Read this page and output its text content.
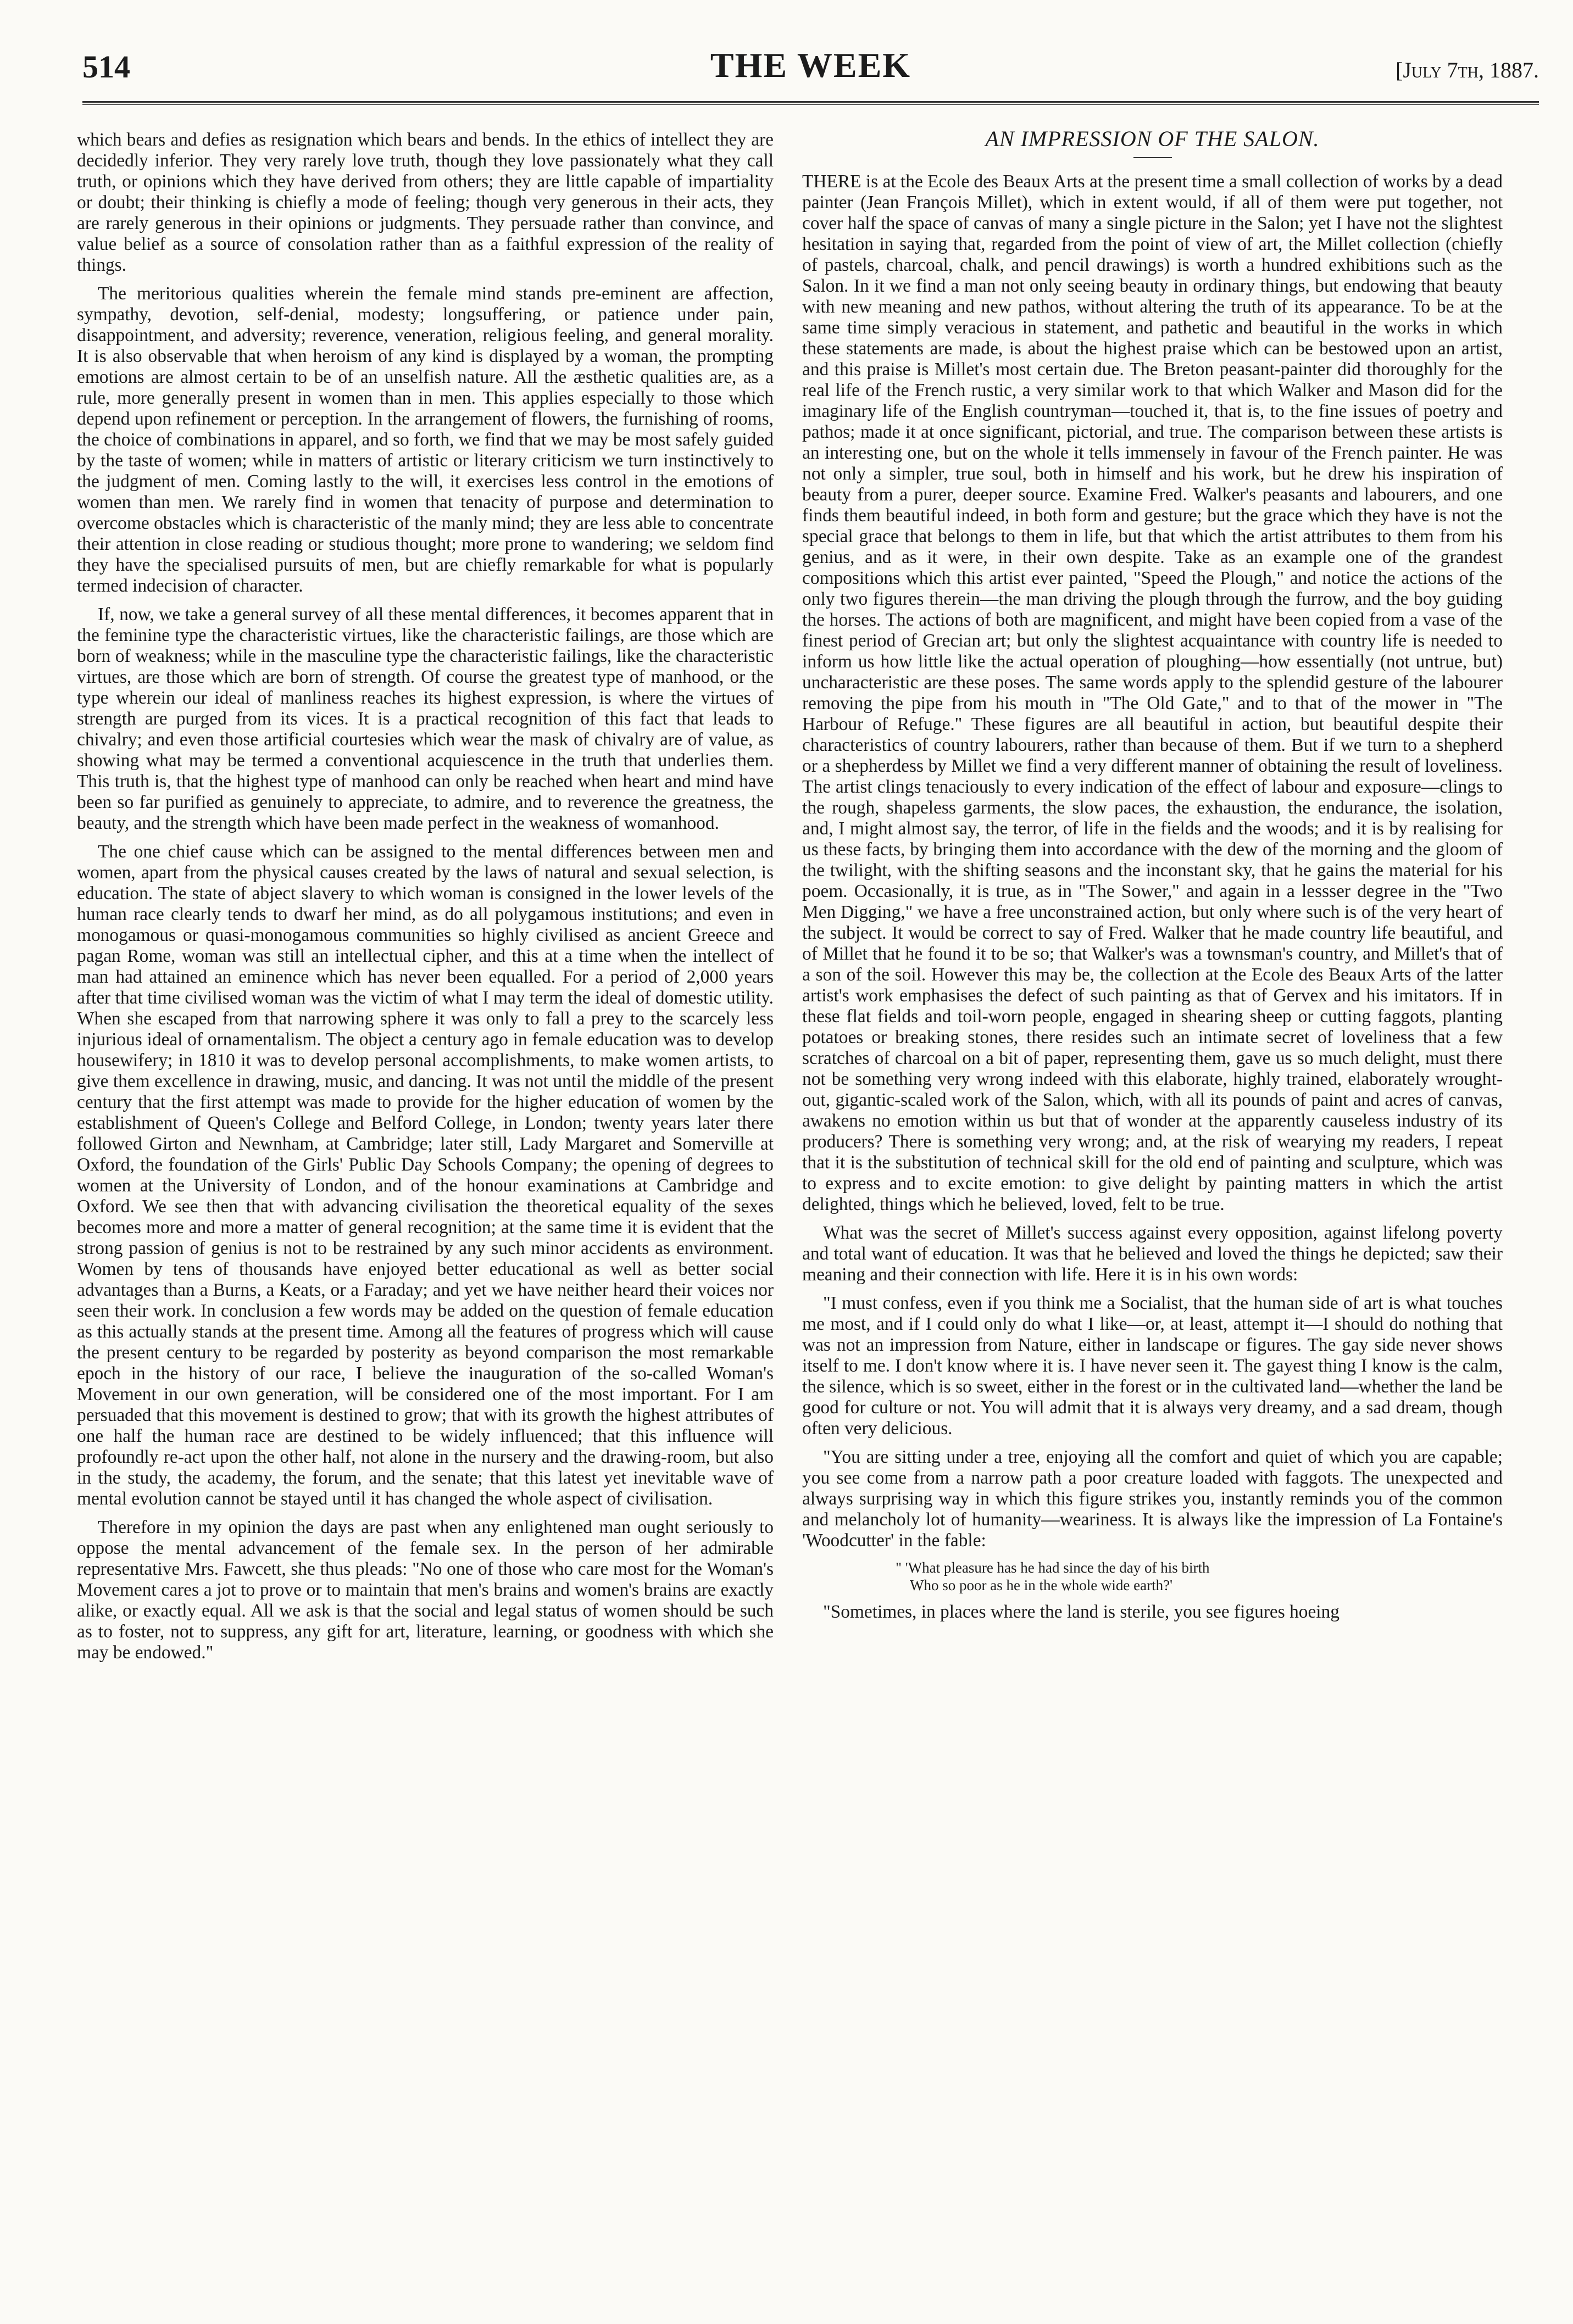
514	THE WEEK	[July 7th, 1887.

which bears and defies as resignation which bears and bends. In the ethics of intellect they are decidedly inferior. They very rarely love truth, though they love passionately what they call truth, or opinions which they have derived from others; they are little capable of impartiality or doubt; their thinking is chiefly a mode of feeling; though very generous in their acts, they are rarely generous in their opinions or judgments. They persuade rather than convince, and value belief as a source of consolation rather than as a faithful expression of the reality of things.

The meritorious qualities wherein the female mind stands pre-eminent are affection, sympathy, devotion, self-denial, modesty; longsuffering, or patience under pain, disappointment, and adversity; reverence, veneration, religious feeling, and general morality. It is also observable that when heroism of any kind is displayed by a woman, the prompting emotions are almost certain to be of an unselfish nature. All the æsthetic qualities are, as a rule, more generally present in women than in men. This applies especially to those which depend upon refinement or perception. In the arrangement of flowers, the furnishing of rooms, the choice of combinations in apparel, and so forth, we find that we may be most safely guided by the taste of women; while in matters of artistic or literary criticism we turn instinctively to the judgment of men. Coming lastly to the will, it exercises less control in the emotions of women than men. We rarely find in women that tenacity of purpose and determination to overcome obstacles which is characteristic of the manly mind; they are less able to concentrate their attention in close reading or studious thought; more prone to wandering; we seldom find they have the specialised pursuits of men, but are chiefly remarkable for what is popularly termed indecision of character.

If, now, we take a general survey of all these mental differences, it becomes apparent that in the feminine type the characteristic virtues, like the characteristic failings, are those which are born of weakness; while in the masculine type the characteristic failings, like the characteristic virtues, are those which are born of strength. Of course the greatest type of manhood, or the type wherein our ideal of manliness reaches its highest expression, is where the virtues of strength are purged from its vices. It is a practical recognition of this fact that leads to chivalry; and even those artificial courtesies which wear the mask of chivalry are of value, as showing what may be termed a conventional acquiescence in the truth that underlies them. This truth is, that the highest type of manhood can only be reached when heart and mind have been so far purified as genuinely to appreciate, to admire, and to reverence the greatness, the beauty, and the strength which have been made perfect in the weakness of womanhood.

The one chief cause which can be assigned to the mental differences between men and women, apart from the physical causes created by the laws of natural and sexual selection, is education. The state of abject slavery to which woman is consigned in the lower levels of the human race clearly tends to dwarf her mind, as do all polygamous institutions; and even in monogamous or quasi-monogamous communities so highly civilised as ancient Greece and pagan Rome, woman was still an intellectual cipher, and this at a time when the intellect of man had attained an eminence which has never been equalled. For a period of 2,000 years after that time civilised woman was the victim of what I may term the ideal of domestic utility. When she escaped from that narrowing sphere it was only to fall a prey to the scarcely less injurious ideal of ornamentalism. The object a century ago in female education was to develop housewifery; in 1810 it was to develop personal accomplishments, to make women artists, to give them excellence in drawing, music, and dancing. It was not until the middle of the present century that the first attempt was made to provide for the higher education of women by the establishment of Queen's College and Belford College, in London; twenty years later there followed Girton and Newnham, at Cambridge; later still, Lady Margaret and Somerville at Oxford, the foundation of the Girls' Public Day Schools Company; the opening of degrees to women at the University of London, and of the honour examinations at Cambridge and Oxford. We see then that with advancing civilisation the theoretical equality of the sexes becomes more and more a matter of general recognition; at the same time it is evident that the strong passion of genius is not to be restrained by any such minor accidents as environment. Women by tens of thousands have enjoyed better educational as well as better social advantages than a Burns, a Keats, or a Faraday; and yet we have neither heard their voices nor seen their work. In conclusion a few words may be added on the question of female education as this actually stands at the present time. Among all the features of progress which will cause the present century to be regarded by posterity as beyond comparison the most remarkable epoch in the history of our race, I believe the inauguration of the so-called Woman's Movement in our own generation, will be considered one of the most important. For I am persuaded that this movement is destined to grow; that with its growth the highest attributes of one half the human race are destined to be widely influenced; that this influence will profoundly re-act upon the other half, not alone in the nursery and the drawing-room, but also in the study, the academy, the forum, and the senate; that this latest yet inevitable wave of mental evolution cannot be stayed until it has changed the whole aspect of civilisation.

Therefore in my opinion the days are past when any enlightened man ought seriously to oppose the mental advancement of the female sex. In the person of her admirable representative Mrs. Fawcett, she thus pleads: "No one of those who care most for the Woman's Movement cares a jot to prove or to maintain that men's brains and women's brains are exactly alike, or exactly equal. All we ask is that the social and legal status of women should be such as to foster, not to suppress, any gift for art, literature, learning, or goodness with which she may be endowed."

AN IMPRESSION OF THE SALON.

THERE is at the Ecole des Beaux Arts at the present time a small collection of works by a dead painter (Jean François Millet), which in extent would, if all of them were put together, not cover half the space of canvas of many a single picture in the Salon; yet I have not the slightest hesitation in saying that, regarded from the point of view of art, the Millet collection (chiefly of pastels, charcoal, chalk, and pencil drawings) is worth a hundred exhibitions such as the Salon. In it we find a man not only seeing beauty in ordinary things, but endowing that beauty with new meaning and new pathos, without altering the truth of its appearance. To be at the same time simply veracious in statement, and pathetic and beautiful in the works in which these statements are made, is about the highest praise which can be bestowed upon an artist, and this praise is Millet's most certain due. The Breton peasant-painter did thoroughly for the real life of the French rustic, a very similar work to that which Walker and Mason did for the imaginary life of the English countryman—touched it, that is, to the fine issues of poetry and pathos; made it at once significant, pictorial, and true. The comparison between these artists is an interesting one, but on the whole it tells immensely in favour of the French painter. He was not only a simpler, true soul, both in himself and his work, but he drew his inspiration of beauty from a purer, deeper source. Examine Fred. Walker's peasants and labourers, and one finds them beautiful indeed, in both form and gesture; but the grace which they have is not the special grace that belongs to them in life, but that which the artist attributes to them from his genius, and as it were, in their own despite. Take as an example one of the grandest compositions which this artist ever painted, "Speed the Plough," and notice the actions of the only two figures therein—the man driving the plough through the furrow, and the boy guiding the horses. The actions of both are magnificent, and might have been copied from a vase of the finest period of Grecian art; but only the slightest acquaintance with country life is needed to inform us how little like the actual operation of ploughing—how essentially (not untrue, but) uncharacteristic are these poses. The same words apply to the splendid gesture of the labourer removing the pipe from his mouth in "The Old Gate," and to that of the mower in "The Harbour of Refuge." These figures are all beautiful in action, but beautiful despite their characteristics of country labourers, rather than because of them. But if we turn to a shepherd or a shepherdess by Millet we find a very different manner of obtaining the result of loveliness. The artist clings tenaciously to every indication of the effect of labour and exposure—clings to the rough, shapeless garments, the slow paces, the exhaustion, the endurance, the isolation, and, I might almost say, the terror, of life in the fields and the woods; and it is by realising for us these facts, by bringing them into accordance with the dew of the morning and the gloom of the twilight, with the shifting seasons and the inconstant sky, that he gains the material for his poem. Occasionally, it is true, as in "The Sower," and again in a lessser degree in the "Two Men Digging," we have a free unconstrained action, but only where such is of the very heart of the subject. It would be correct to say of Fred. Walker that he made country life beautiful, and of Millet that he found it to be so; that Walker's was a townsman's country, and Millet's that of a son of the soil. However this may be, the collection at the Ecole des Beaux Arts of the latter artist's work emphasises the defect of such painting as that of Gervex and his imitators. If in these flat fields and toil-worn people, engaged in shearing sheep or cutting faggots, planting potatoes or breaking stones, there resides such an intimate secret of loveliness that a few scratches of charcoal on a bit of paper, representing them, gave us so much delight, must there not be something very wrong indeed with this elaborate, highly trained, elaborately wrought-out, gigantic-scaled work of the Salon, which, with all its pounds of paint and acres of canvas, awakens no emotion within us but that of wonder at the apparently causeless industry of its producers? There is something very wrong; and, at the risk of wearying my readers, I repeat that it is the substitution of technical skill for the old end of painting and sculpture, which was to express and to excite emotion: to give delight by painting matters in which the artist delighted, things which he believed, loved, felt to be true.

What was the secret of Millet's success against every opposition, against lifelong poverty and total want of education. It was that he believed and loved the things he depicted; saw their meaning and their connection with life. Here it is in his own words:

"I must confess, even if you think me a Socialist, that the human side of art is what touches me most, and if I could only do what I like—or, at least, attempt it—I should do nothing that was not an impression from Nature, either in landscape or figures. The gay side never shows itself to me. I don't know where it is. I have never seen it. The gayest thing I know is the calm, the silence, which is so sweet, either in the forest or in the cultivated land—whether the land be good for culture or not. You will admit that it is always very dreamy, and a sad dream, though often very delicious.

"You are sitting under a tree, enjoying all the comfort and quiet of which you are capable; you see come from a narrow path a poor creature loaded with faggots. The unexpected and always surprising way in which this figure strikes you, instantly reminds you of the common and melancholy lot of humanity—weariness. It is always like the impression of La Fontaine's 'Woodcutter' in the fable:

" 'What pleasure has he had since the day of his birth
Who so poor as he in the whole wide earth?'

"Sometimes, in places where the land is sterile, you see figures hoeing
